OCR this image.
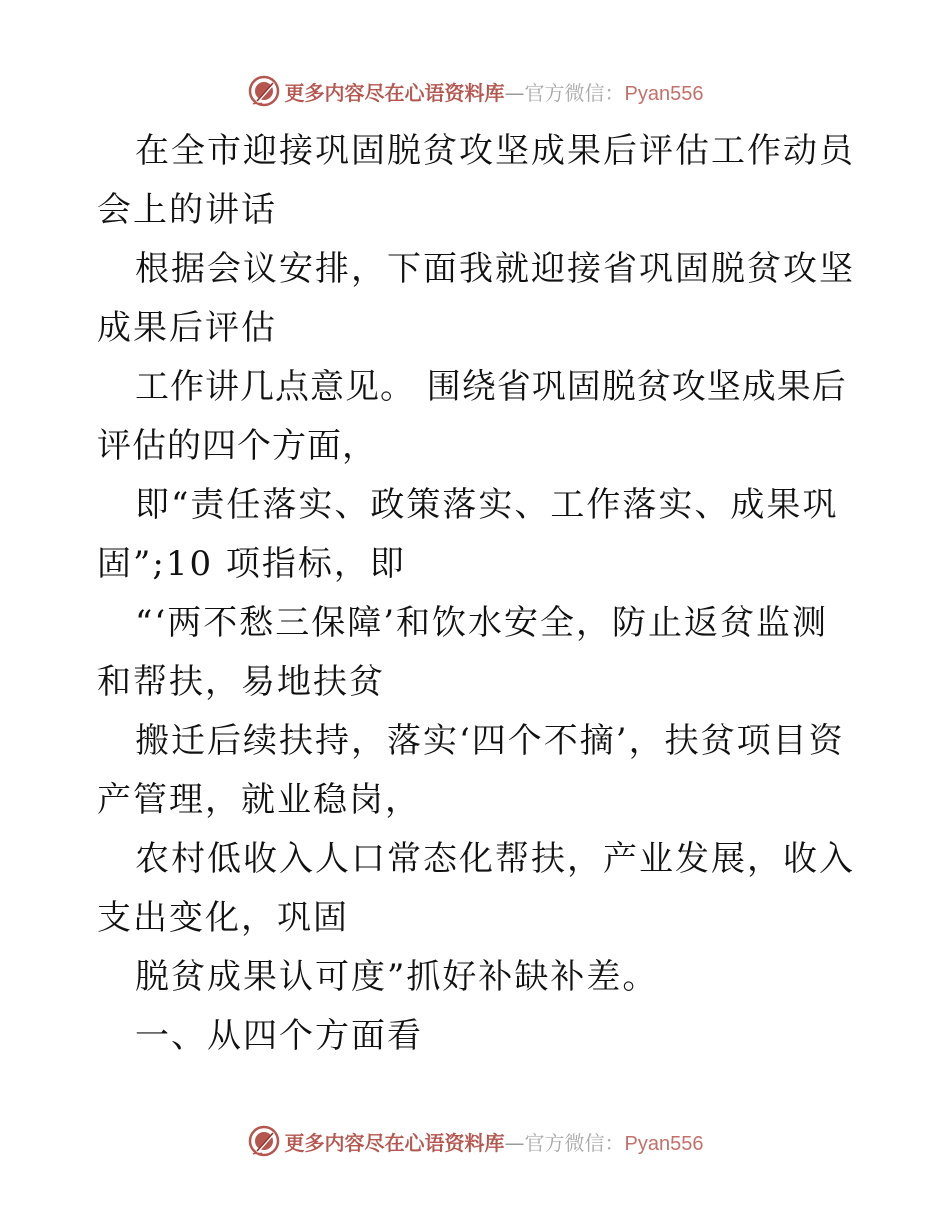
更多内容尽在心语资料库—官方微信：Pyan556

在全市迎接巩固脱贫攻坚成果后评估工作动员会上的讲话

根据会议安排，下面我就迎接省巩固脱贫攻坚成果后评估

工作讲几点意见。 围绕省巩固脱贫攻坚成果后评估的四个方面，

即“责任落实、政策落实、工作落实、成果巩固”;10 项指标，即

“‘两不愁三保障’和饮水安全，防止返贫监测和帮扶，易地扶贫

搬迁后续扶持，落实‘四个不摘’，扶贫项目资产管理，就业稳岗，

农村低收入人口常态化帮扶，产业发展，收入支出变化，巩固

脱贫成果认可度”抓好补缺补差。

一、从四个方面看

更多内容尽在心语资料库—官方微信：Pyan556
